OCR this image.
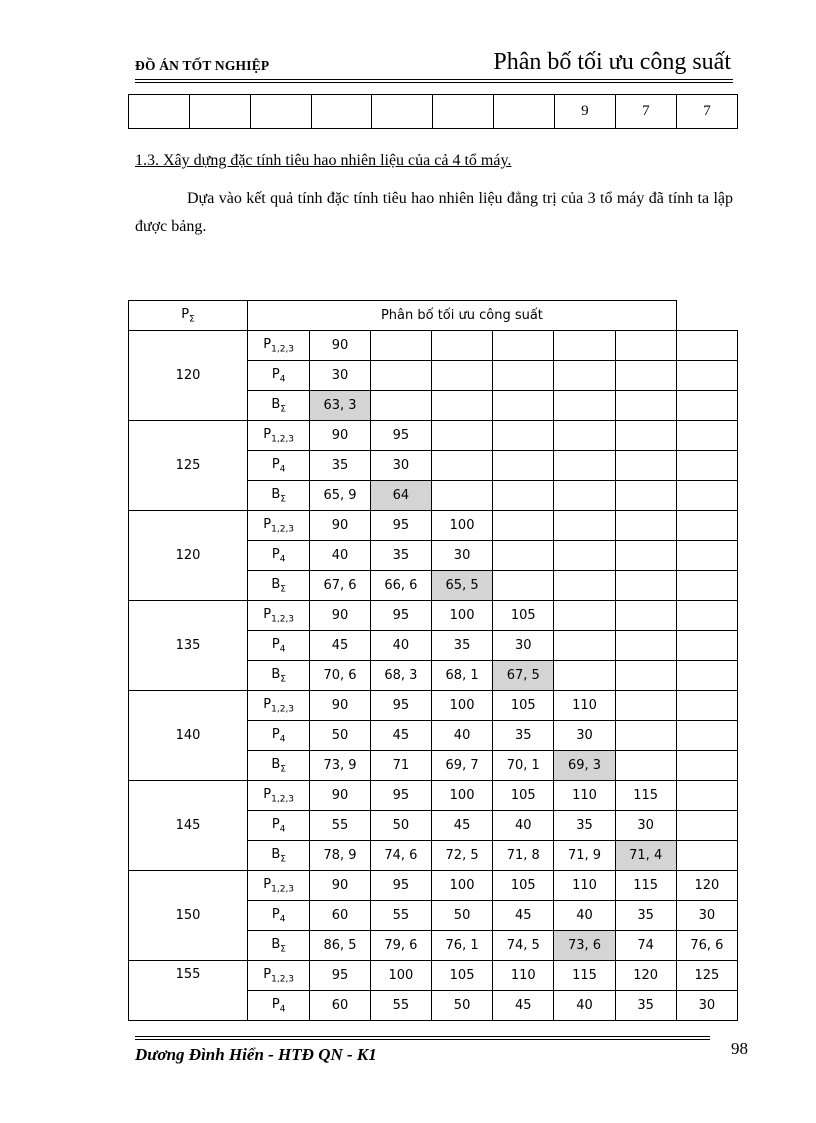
ĐỒ ÁN TỐT NGHIỆP	Phân bố tối ưu công suất
							9	7	7
1.3. Xây dựng đặc tính tiêu hao nhiên liệu của cả 4 tổ máy.
Dựa vào kết quả tính đặc tính tiêu hao nhiên liệu đẳng trị của 3 tổ máy đã tính ta lập được bảng.
$P_\Sigma$	Phân bố tối ưu công suất							
120	$P_{1,2,3}$	90						
	$P_4$	30						
	$B_\Sigma$	63, 3						
125	$P_{1,2,3}$	90	95					
	$P_4$	35	30					
	$B_\Sigma$	65, 9	64					
120	$P_{1,2,3}$	90	95	100				
	$P_4$	40	35	30				
	$B_\Sigma$	67, 6	66, 6	65, 5				
135	$P_{1,2,3}$	90	95	100	105			
	$P_4$	45	40	35	30			
	$B_\Sigma$	70, 6	68, 3	68, 1	67, 5			
140	$P_{1,2,3}$	90	95	100	105	110		
	$P_4$	50	45	40	35	30		
	$B_\Sigma$	73, 9	71	69, 7	70, 1	69, 3		
145	$P_{1,2,3}$	90	95	100	105	110	115	
	$P_4$	55	50	45	40	35	30	
	$B_\Sigma$	78, 9	74, 6	72, 5	71, 8	71, 9	71, 4	
150	$P_{1,2,3}$	90	95	100	105	110	115	120
	$P_4$	60	55	50	45	40	35	30
	$B_\Sigma$	86, 5	79, 6	76, 1	74, 5	73, 6	74	76, 6
155	$P_{1,2,3}$	95	100	105	110	115	120	125
	$P_4$	60	55	50	45	40	35	30
Dương Đình Hiển - HTĐ QN - K1	98
